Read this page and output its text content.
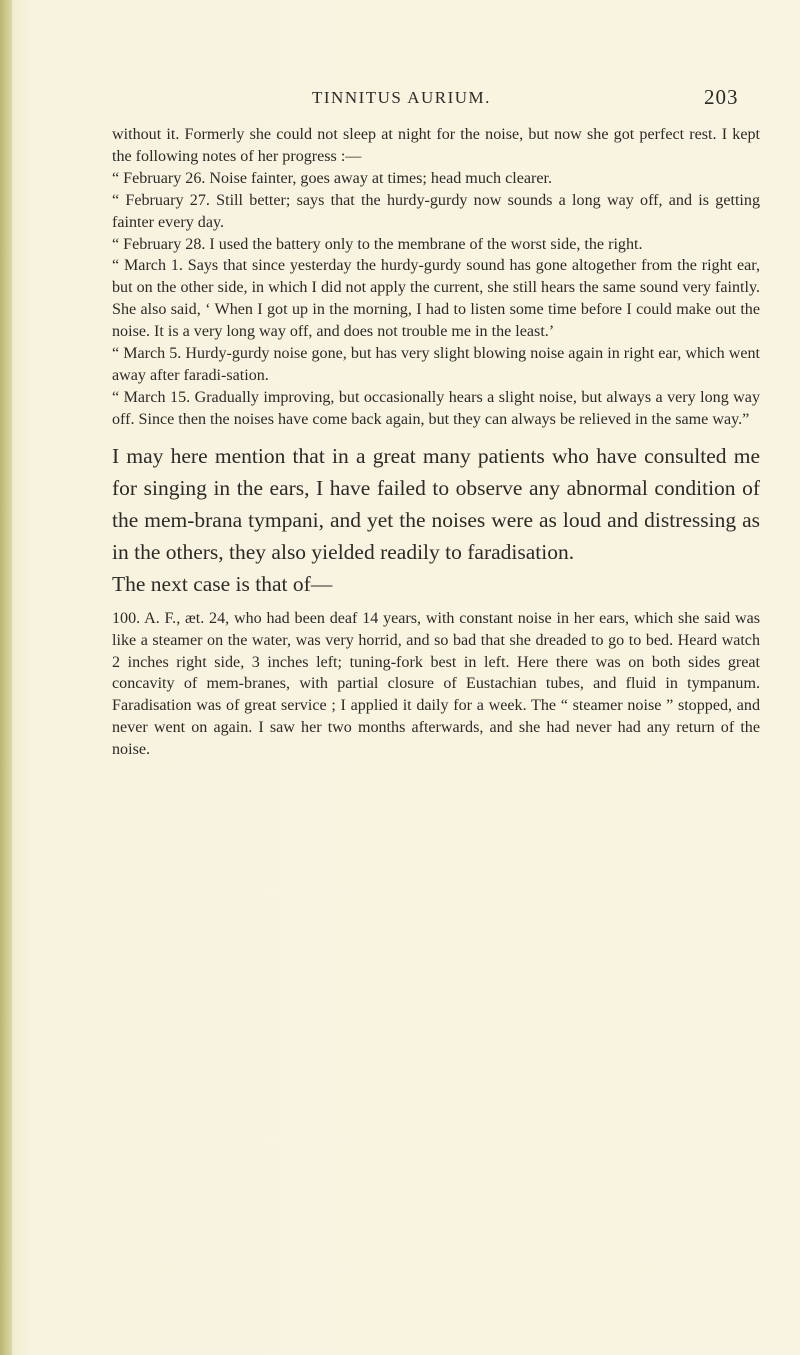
TINNITUS AURIUM.	203

without it. Formerly she could not sleep at night for the noise, but now she got perfect rest. I kept the following notes of her progress :—

“ February 26. Noise fainter, goes away at times; head much clearer.

“ February 27. Still better; says that the hurdy-gurdy now sounds a long way off, and is getting fainter every day.

“ February 28. I used the battery only to the membrane of the worst side, the right.

“ March 1. Says that since yesterday the hurdy-gurdy sound has gone altogether from the right ear, but on the other side, in which I did not apply the current, she still hears the same sound very faintly. She also said, ‘ When I got up in the morning, I had to listen some time before I could make out the noise. It is a very long way off, and does not trouble me in the least.’

“ March 5. Hurdy-gurdy noise gone, but has very slight blowing noise again in right ear, which went away after faradi-sation.

“ March 15. Gradually improving, but occasionally hears a slight noise, but always a very long way off. Since then the noises have come back again, but they can always be relieved in the same way.”

I may here mention that in a great many patients who have consulted me for singing in the ears, I have failed to observe any abnormal condition of the mem-brana tympani, and yet the noises were as loud and distressing as in the others, they also yielded readily to faradisation.

The next case is that of—

100. A. F., æt. 24, who had been deaf 14 years, with constant noise in her ears, which she said was like a steamer on the water, was very horrid, and so bad that she dreaded to go to bed. Heard watch 2 inches right side, 3 inches left; tuning-fork best in left. Here there was on both sides great concavity of mem-branes, with partial closure of Eustachian tubes, and fluid in tympanum. Faradisation was of great service ; I applied it daily for a week. The “ steamer noise ” stopped, and never went on again. I saw her two months afterwards, and she had never had any return of the noise.
